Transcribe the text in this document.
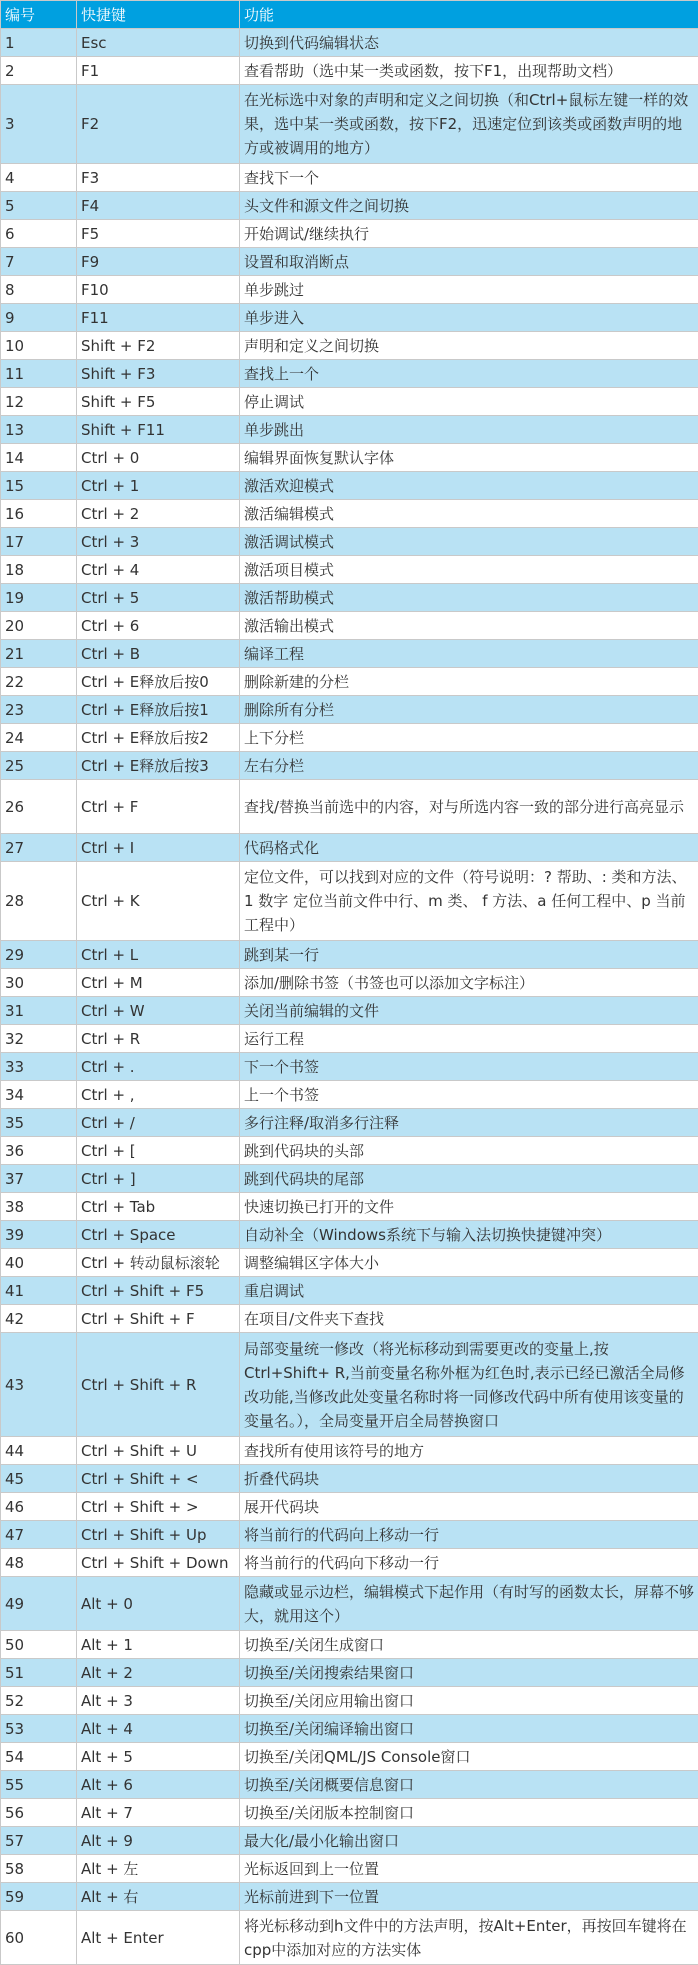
编号	快捷键	功能
1	Esc	切换到代码编辑状态
2	F1	查看帮助（选中某一类或函数，按下F1，出现帮助文档）
3	F2	在光标选中对象的声明和定义之间切换（和Ctrl+鼠标左键一样的效果，选中某一类或函数，按下F2，迅速定位到该类或函数声明的地方或被调用的地方）
4	F3	查找下一个
5	F4	头文件和源文件之间切换
6	F5	开始调试/继续执行
7	F9	设置和取消断点
8	F10	单步跳过
9	F11	单步进入
10	Shift + F2	声明和定义之间切换
11	Shift + F3	查找上一个
12	Shift + F5	停止调试
13	Shift + F11	单步跳出
14	Ctrl + 0	编辑界面恢复默认字体
15	Ctrl + 1	激活欢迎模式
16	Ctrl + 2	激活编辑模式
17	Ctrl + 3	激活调试模式
18	Ctrl + 4	激活项目模式
19	Ctrl + 5	激活帮助模式
20	Ctrl + 6	激活输出模式
21	Ctrl + B	编译工程
22	Ctrl + E释放后按0	删除新建的分栏
23	Ctrl + E释放后按1	删除所有分栏
24	Ctrl + E释放后按2	上下分栏
25	Ctrl + E释放后按3	左右分栏
26	Ctrl + F	查找/替换当前选中的内容，对与所选内容一致的部分进行高亮显示
27	Ctrl + I	代码格式化
28	Ctrl + K	定位文件，可以找到对应的文件（符号说明：? 帮助、: 类和方法、1 数字 定位当前文件中行、m 类、 f 方法、a 任何工程中、p 当前工程中）
29	Ctrl + L	跳到某一行
30	Ctrl + M	添加/删除书签（书签也可以添加文字标注）
31	Ctrl + W	关闭当前编辑的文件
32	Ctrl + R	运行工程
33	Ctrl + .	下一个书签
34	Ctrl + ,	上一个书签
35	Ctrl + /	多行注释/取消多行注释
36	Ctrl + [	跳到代码块的头部
37	Ctrl + ]	跳到代码块的尾部
38	Ctrl + Tab	快速切换已打开的文件
39	Ctrl + Space	自动补全（Windows系统下与输入法切换快捷键冲突）
40	Ctrl + 转动鼠标滚轮	调整编辑区字体大小
41	Ctrl + Shift + F5	重启调试
42	Ctrl + Shift + F	在项目/文件夹下查找
43	Ctrl + Shift + R	局部变量统一修改（将光标移动到需要更改的变量上,按Ctrl+Shift+ R,当前变量名称外框为红色时,表示已经已激活全局修改功能,当修改此处变量名称时将一同修改代码中所有使用该变量的变量名。），全局变量开启全局替换窗口
44	Ctrl + Shift + U	查找所有使用该符号的地方
45	Ctrl + Shift + <	折叠代码块
46	Ctrl + Shift + >	展开代码块
47	Ctrl + Shift + Up	将当前行的代码向上移动一行
48	Ctrl + Shift + Down	将当前行的代码向下移动一行
49	Alt + 0	隐藏或显示边栏，编辑模式下起作用（有时写的函数太长，屏幕不够大，就用这个）
50	Alt + 1	切换至/关闭生成窗口
51	Alt + 2	切换至/关闭搜索结果窗口
52	Alt + 3	切换至/关闭应用输出窗口
53	Alt + 4	切换至/关闭编译输出窗口
54	Alt + 5	切换至/关闭QML/JS Console窗口
55	Alt + 6	切换至/关闭概要信息窗口
56	Alt + 7	切换至/关闭版本控制窗口
57	Alt + 9	最大化/最小化输出窗口
58	Alt + 左	光标返回到上一位置
59	Alt + 右	光标前进到下一位置
60	Alt + Enter	将光标移动到h文件中的方法声明，按Alt+Enter，再按回车键将在cpp中添加对应的方法实体
